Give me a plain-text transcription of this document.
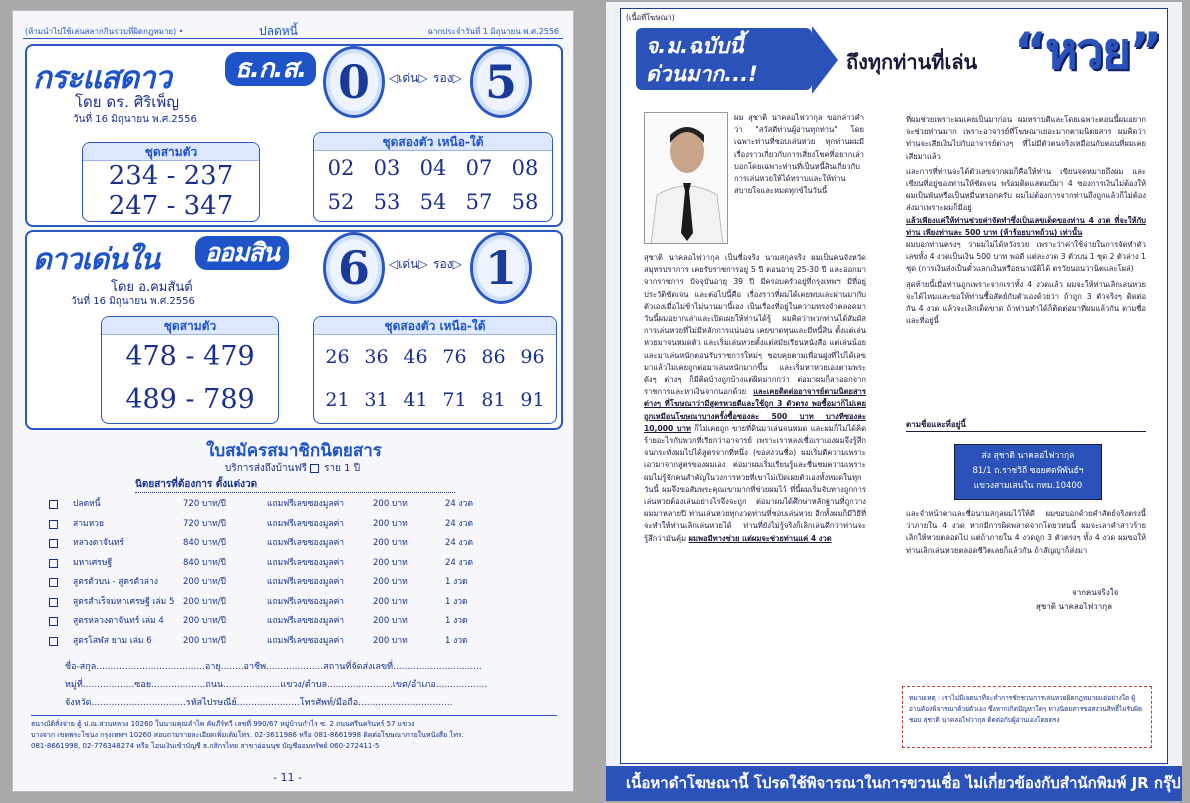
(ห้ามนำไปใช้เล่นสลากกินรวบที่ผิดกฎหมาย) •	ปลดหนี้	ฉากประจำวันที่ 1 มิถุนายน พ.ศ.2556
กระแสดาว	ธ.ก.ส.
โดย ดร. ศิริเพ็ญ
วันที่ 16 มิถุนายน พ.ศ.2556
0	◁เด่น▷ รอง▷ 5
ชุดสามตัว
234 - 237
247 - 347
ชุดสองตัว เหนือ-ใต้
02 03 04 07 08
52 53 54 57 58
ดาวเด่นใน	ออมสิน
โดย อ.คมสันต์
วันที่ 16 มิถุนายน พ.ศ.2556
6	◁เด่น▷ รอง▷ 1
ชุดสามตัว
478 - 479
489 - 789
ชุดสองตัว เหนือ-ใต้
26 36 46 76 86 96
21 31 41 71 81 91
ใบสมัครสมาชิกนิตยสาร
บริการส่งถึงบ้านฟรี ราย 1 ปี
นิตยสารที่ต้องการ ตั้งแต่งวด
ปลดหนี้	720 บาท/ปี	แถมฟรีเลขซองมูลค่า	200 บาท	24 งวด
สามหวย	720 บาท/ปี	แถมฟรีเลขซองมูลค่า	200 บาท	24 งวด
หลวงตาจันทร์	840 บาท/ปี	แถมฟรีเลขซองมูลค่า	200 บาท	24 งวด
มหาเศรษฐี	840 บาท/ปี	แถมฟรีเลขซองมูลค่า	200 บาท	24 งวด
สูตรตัวบน - สูตรตัวล่าง	200 บาท/ปี	แถมฟรีเลขซองมูลค่า	200 บาท	1 งวด
สูตรสำเร็จมหาเศรษฐี เล่ม 5 200 บาท/ปี	แถมฟรีเลขซองมูลค่า	200 บาท	1 งวด
สูตรหลวงตาจันทร์ เล่ม 4 200 บาท/ปี	แถมฟรีเลขซองมูลค่า	200 บาท	1 งวด
สูตรโสฬส ยาม เล่ม 6	200 บาท/ปี	แถมฟรีเลขซองมูลค่า	200 บาท	1 งวด
ชื่อ-สกุล......................................อายุ........อาชีพ....................สถานที่จัดส่งเลขที่...............................
หมู่ที่..................ซอย...................ถนน....................แขวง/ตำบล.......................เขต/อำเภอ..................
จังหวัด.................................รหัสไปรษณีย์......................โทรศัพท์/มือถือ.................................
ธนาณัติสั่งจ่าย ตู้ ป.ณ.สวนหลวง 10260 ในนามคุณลำไพ คัมภีร์ทวี เลขที่ 990/67 หมู่บ้านกำไร ซ. 2 ถนนศรีนครินทร์ 57 แขวง
บางจาก เขตพระโขนง กรุงเทพฯ 10260 สอบถามรายละเอียดเพิ่มเติมโทร. 02-3611986 หรือ 081-8661998 ติดต่อโฆษณาภายในหนังสือ โทร.
081-8661998, 02-776348274 หรือ โอนเงินเข้าบัญชี ธ.กสิกรไทย สาขาอ่อนนุช บัญชีออมทรัพย์ 060-272411-5
- 11 -
(เนื้อที่โฆษณา)
จ.ม.ฉบับนี้
ด่วนมาก...!	ถึงทุกท่านที่เล่น “หวย”
ผม สุชาติ นาคลอไฟวากุล ขอกล่าวคำว่า "สวัสดีท่านผู้อ่านทุกท่าน" โดยเฉพาะท่านที่ชอบเล่นหวย ทุกท่านผมมีเรื่องราวเกี่ยวกับการเสี่ยงโชคที่อยากเล่าบอกโดยเฉพาะท่านที่เป็นหนี้สินเกี่ยวกับการเล่นหวยให้ได้ทราบและให้ท่านสบายใจและหมดทุกข์ในวันนี้
สุชาติ นาคลอไฟวากุล เป็นชื่อจริง นามสกุลจริง ผมเป็นคนจังหวัดสมุทรปราการ เคยรับราชการอยู่ 5 ปี ตอนอายุ 25-30 ปี และออกมาจากราชการ ปัจจุบันอายุ 39 ปี มีครอบครัวอยู่ที่กรุงเทพฯ มีที่อยู่ประวัติชัดเจน และต่อไปนี้คือ เรื่องราวที่ผมได้เคยพบและผ่านมากับตัวเองเมื่อไม่ช้าไม่นานมานี้เอง เป็นเรื่องที่อยู่ในความทรงจำตลอดมา วันนี้ผมอยากเล่าและเปิดเผยให้ท่านได้รู้ ผมคิดว่าพวกท่านได้สัมผัสการเล่นหวยที่ไม่มีหลักการแน่นอน เคยขาดทุนและมีหนี้สิน ตั้งแต่เล่นหวยมาจนหมดตัว และเริ่มเล่นหวยตั้งแต่สมัยเรียนหนังสือ แต่เล่นน้อยและมาเล่นหนักตอนรับราชการใหม่ๆ ชอบคุยตามเพื่อนฝูงที่ไปได้เลขมาแล้วไม่เคยถูกต่อมาเล่นหนักมากขึ้น และเริ่มหาหวยเองตามพระดังๆ ต่างๆ ก็มีติดบ้างถูกบ้างแต่ผิดมากกว่า ต่อมาผมก็ลาออกจากราชการและหาเงินจากนอกด้วย และเคยติดต่ออาจารย์ตามนิตยสารต่างๆ ที่โฆษณาว่ามีสูตรหวยดีและใช้ถูก 3 ตัวตรง พอซื้อมาก็ไม่เคยถูกเหมือนโฆษณาบางครั้งซื้อซองละ 500 บาท บางทีซองละ 10,000 บาท ก็ไม่เคยถูก ขายที่ดินมาเล่นจนหมด และผมก็ไม่ได้คิดร้ายอะไรกับพวกที่เรียกว่าอาจารย์ เพราะเราหลงเชื่อเราเองผมจึงรู้สึกจนกระทั่งผมไปได้สูตรจากที่หนึ่ง (ขอสงวนชื่อ) ผมเริ่มตีความเพราะเอามาจากสูตรของผมเอง ต่อมาผมเริ่มเรียนรู้และชื่นชมความเพราะผมไม่รู้จักคนสำคัญในวงการหวยที่เขาไม่เปิดเผยตัวเองทั้งหมดในทุกวันนี้ ผมจึงขอสัมพระคุณเขามากที่ช่วยผมไว้ ที่นี้ผมเริ่มจับทางถูกการเล่นหวยต้องเล่นอย่างไรจึงจะถูก ต่อมาผมได้ศึกษาหลักฐานที่ถูกวางผมมาหลายปี ท่านเล่นหวยทุกงวดท่านที่ชอบเล่นหวย อีกทั้งผมก็มีวิธีที่จะทำให้ท่านเลิกเล่นหวยได้ ท่านที่ยังไม่รู้จริงก็เลิกเล่นดีกว่าท่านจะรู้สึกว่ามันคุ้ม ผมพอมีทางช่วย แต่ผมจะช่วยท่านแค่ 4 งวด
ที่ผมช่วยเพราะผมเคยเป็นมาก่อน ผมทราบดีและโดยเฉพาะตอนนี้ผมอยากจะช่วยท่านมาก เพราะอาจารย์ที่โฆษณาเยอะมากตามนิตยสาร ผมคิดว่าท่านจะเสียเงินไปกับอาจารย์ต่างๆ ที่ไม่มีตัวตนจริงเหมือนกับตอนที่ผมเคยเสียมาแล้ว
และการที่ท่านจะได้ตัวเลขจากผมก็คือให้ท่าน เขียนจดหมายถึงผม และเขียนที่อยู่ของท่านให้ชัดเจน พร้อมติดแสตมป์มา 4 ซองการเงินไม่ต้องให้ผมเป็นพันหรือเป็นหมื่นหรอกครับ ผมไม่ต้องการจากท่านถึงถูกแล้วก็ไม่ต้องส่งมาเพราะผมก็มีอยู่
แล้วเพียงแค่ให้ท่านช่วยค่าจัดทำซึ่งเป็นเลขเด็ดของท่าน 4 งวด ที่จะให้กับท่าน เพียงท่านละ 500 บาท (ห้าร้อยบาทถ้วน) เท่านั้น
ผมบอกท่านตรงๆ ว่าผมไม่ได้หวังรวย เพราะว่าค่าใช้จ่ายในการจัดทำตัวเลขทั้ง 4 งวดเป็นเงิน 500 บาท พอดี แต่ละงวด 3 ตัวบน 1 ชุด 2 ตัวล่าง 1 ชุด (การเงินส่งเป็นตั๋วแลกเงินหรือธนาณัติได้ ตรวัยนอนวานิตและโผล่)
สุดท้ายนี้เมื่อท่านถูกเพราะจากเราทั้ง 4 งวดแล้ว ผมจะให้ท่านเลิกเล่นหวยจะได้ไหมและขอให้ท่านซื้อสัตย์กับตัวเองด้วยว่า ถ้าถูก 3 ตัวจริงๆ ติดต่อกัน 4 งวด แล้วจะเลิกเด็ดขาด ถ้าท่านทำได้ก็ติดต่อมาที่ผมแล้วกัน ตามชื่อและที่อยู่นี้
ตามชื่อและที่อยู่นี้
ส่ง สุชาติ นาคลอไฟวากุล
81/1 ถ.ราชวิถี ซอยศตพิพันธ์ฯ
แขวงสามเสนใน กทม.10400
และจำหน้าตาและชื่อนามสกุลผมไว้ให้ดี ผมขอบอกด้วยคำสัตย์จริงตรงนี้ว่าภายใน 4 งวด หากมีการผิดพลาดจากโดยวหนนี้ ผมจะเลาคำสาวร้าย เลิกให้หวยตลอดไป แต่ถ้าภายใน 4 งวดถูก 3 ตัวตรงๆ ทั้ง 4 งวด ผมขอให้ท่านเลิกเล่นหวยตลอดชีวิตเลยก็แล้วกัน ถ้าสัญญาก็ส่งมา
จากคนจริงใจ
สุชาติ นาคลอไฟวากุล
หมายเหตุ : เราไม่มีเจตนาที่จะทำการชักชวนการเล่นหวยผิดกฎหมายแต่อย่างใด ผู้อ่านต้องพิจารณาด้วยตัวเอง ซึ่งหากเกิดปัญหาใดๆ ทางนิตยสารขอสงวนสิทธิ์ไม่รับผิดชอบ สุชาติ นาคลอไฟวากุล ติดต่อกับผู้อ่านเองโดยตรง
เนื้อหาดำโฆษณานี้ โปรดใช้พิจารณาในการขวนเชื่อ ไม่เกี่ยวข้องกับสำนักพิมพ์ JR กรุ๊ป
